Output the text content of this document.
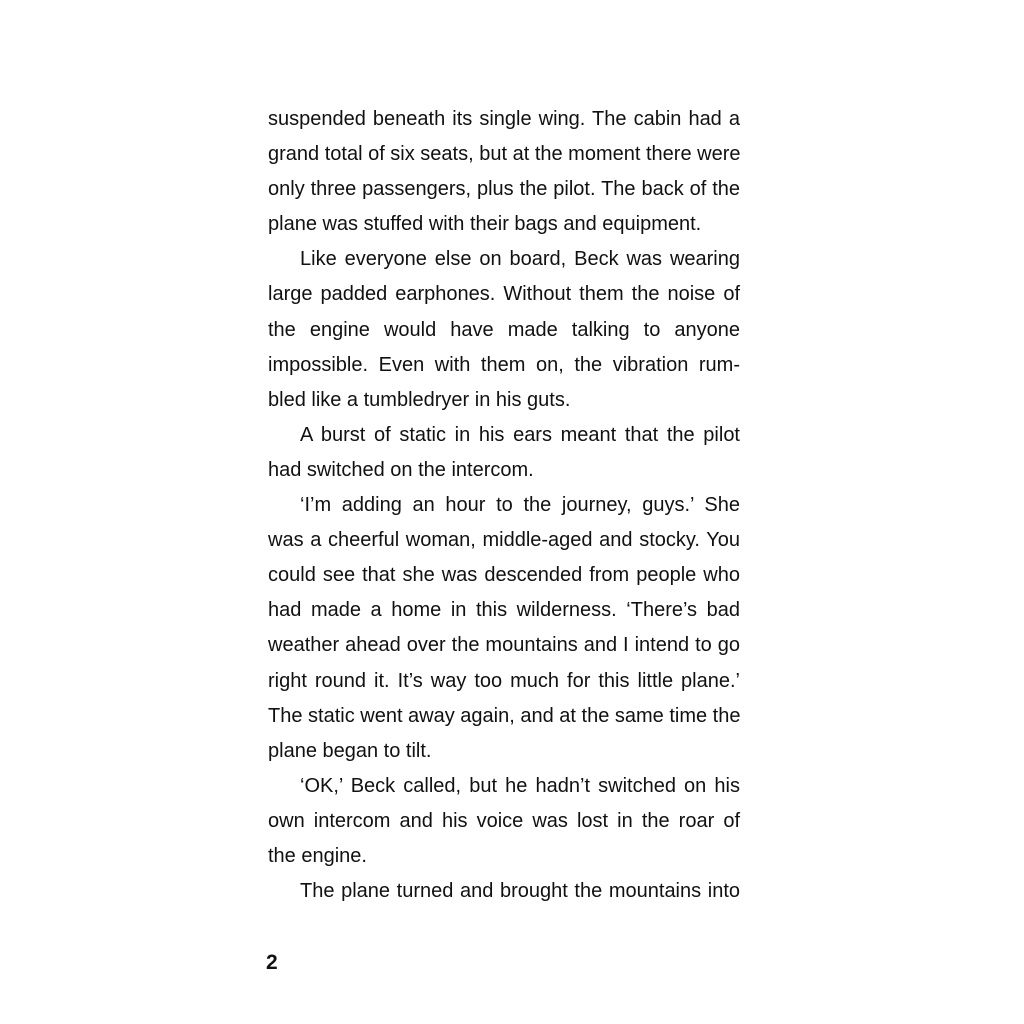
suspended beneath its single wing. The cabin had a
grand total of six seats, but at the moment there were
only three passengers, plus the pilot. The back of the
plane was stuffed with their bags and equipment.
Like everyone else on board, Beck was wearing
large padded earphones. Without them the noise of
the engine would have made talking to anyone
impossible. Even with them on, the vibration rum-
bled like a tumbledryer in his guts.
A burst of static in his ears meant that the pilot
had switched on the intercom.
‘I’m adding an hour to the journey, guys.’ She
was a cheerful woman, middle-aged and stocky. You
could see that she was descended from people who
had made a home in this wilderness. ‘There’s bad
weather ahead over the mountains and I intend to go
right round it. It’s way too much for this little plane.’
The static went away again, and at the same time the
plane began to tilt.
‘OK,’ Beck called, but he hadn’t switched on his
own intercom and his voice was lost in the roar of
the engine.
The plane turned and brought the mountains into
2
